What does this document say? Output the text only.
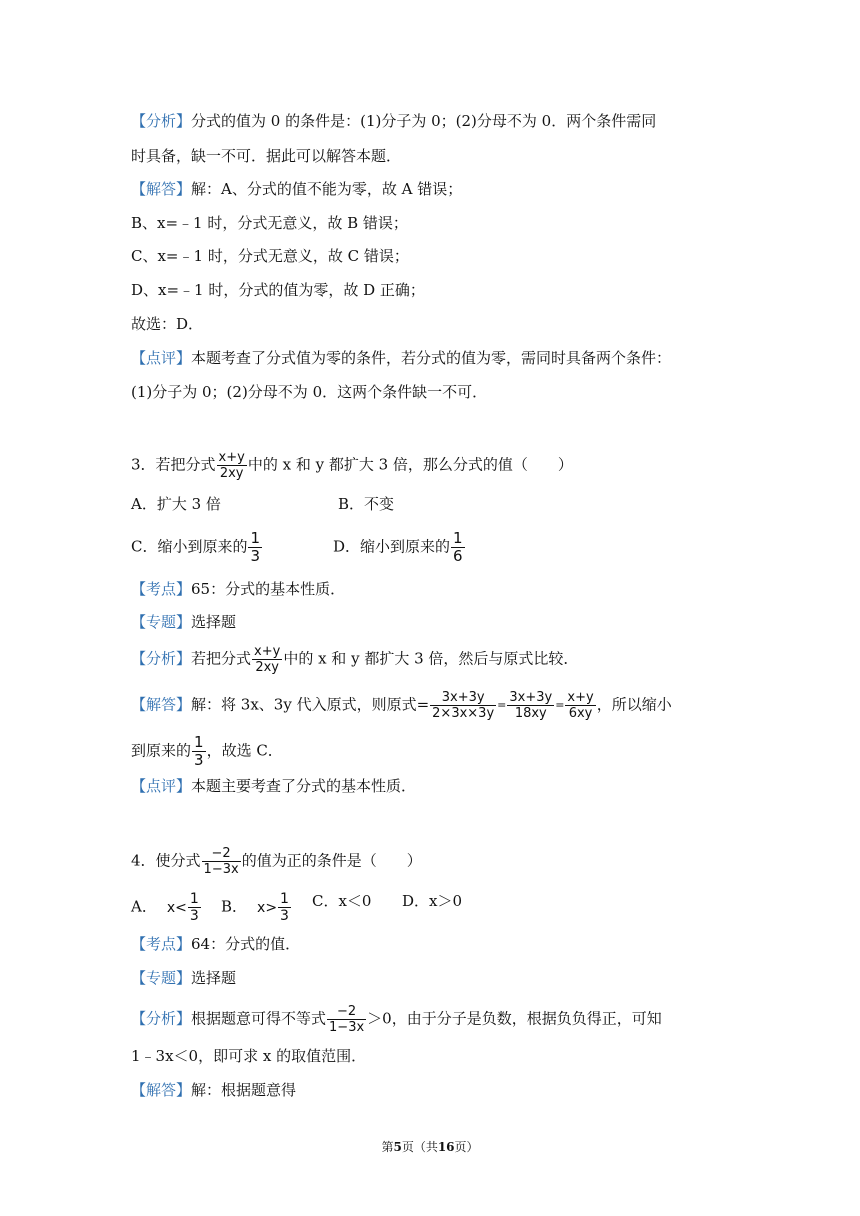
【分析】分式的值为 0 的条件是：(1)分子为 0；(2)分母不为 0．两个条件需同
时具备，缺一不可．据此可以解答本题．
【解答】解：A、分式的值不能为零，故 A 错误；
B、x=﹣1 时，分式无意义，故 B 错误；
C、x=﹣1 时，分式无意义，故 C 错误；
D、x=﹣1 时，分式的值为零，故 D 正确；
故选：D．
【点评】本题考查了分式值为零的条件，若分式的值为零，需同时具备两个条件：
(1)分子为 0；(2)分母不为 0．这两个条件缺一不可．
3．若把分式 $\frac{x+y}{2xy}$ 中的 x 和 y 都扩大 3 倍，那么分式的值（　　）
A．扩大 3 倍	B．不变
C．缩小到原来的 $\frac{1}{3}$	D．缩小到原来的 $\frac{1}{6}$
【考点】65：分式的基本性质．
【专题】选择题
【分析】若把分式 $\frac{x+y}{2xy}$ 中的 x 和 y 都扩大 3 倍，然后与原式比较．
【解答】解：将 3x、3y 代入原式，则原式= $\frac{3x+3y}{2\times 3x\times 3y} = \frac{3x+3y}{18xy} = \frac{x+y}{6xy}$ ，所以缩小
到原来的 $\frac{1}{3}$ ，故选 C．
【点评】本题主要考查了分式的基本性质．
4．使分式 $\frac{-2}{1-3x}$ 的值为正的条件是（　　）
A． $x< \frac{1}{3}$ B． $x> \frac{1}{3}$ C．x＜0 D．x＞0
【考点】64：分式的值．
【专题】选择题
【分析】根据题意可得不等式 $\frac{-2}{1-3x} >0$，由于分子是负数，根据负负得正，可知
1﹣3x＜0，即可求 x 的取值范围．
【解答】解：根据题意得
第5页（共16页）
